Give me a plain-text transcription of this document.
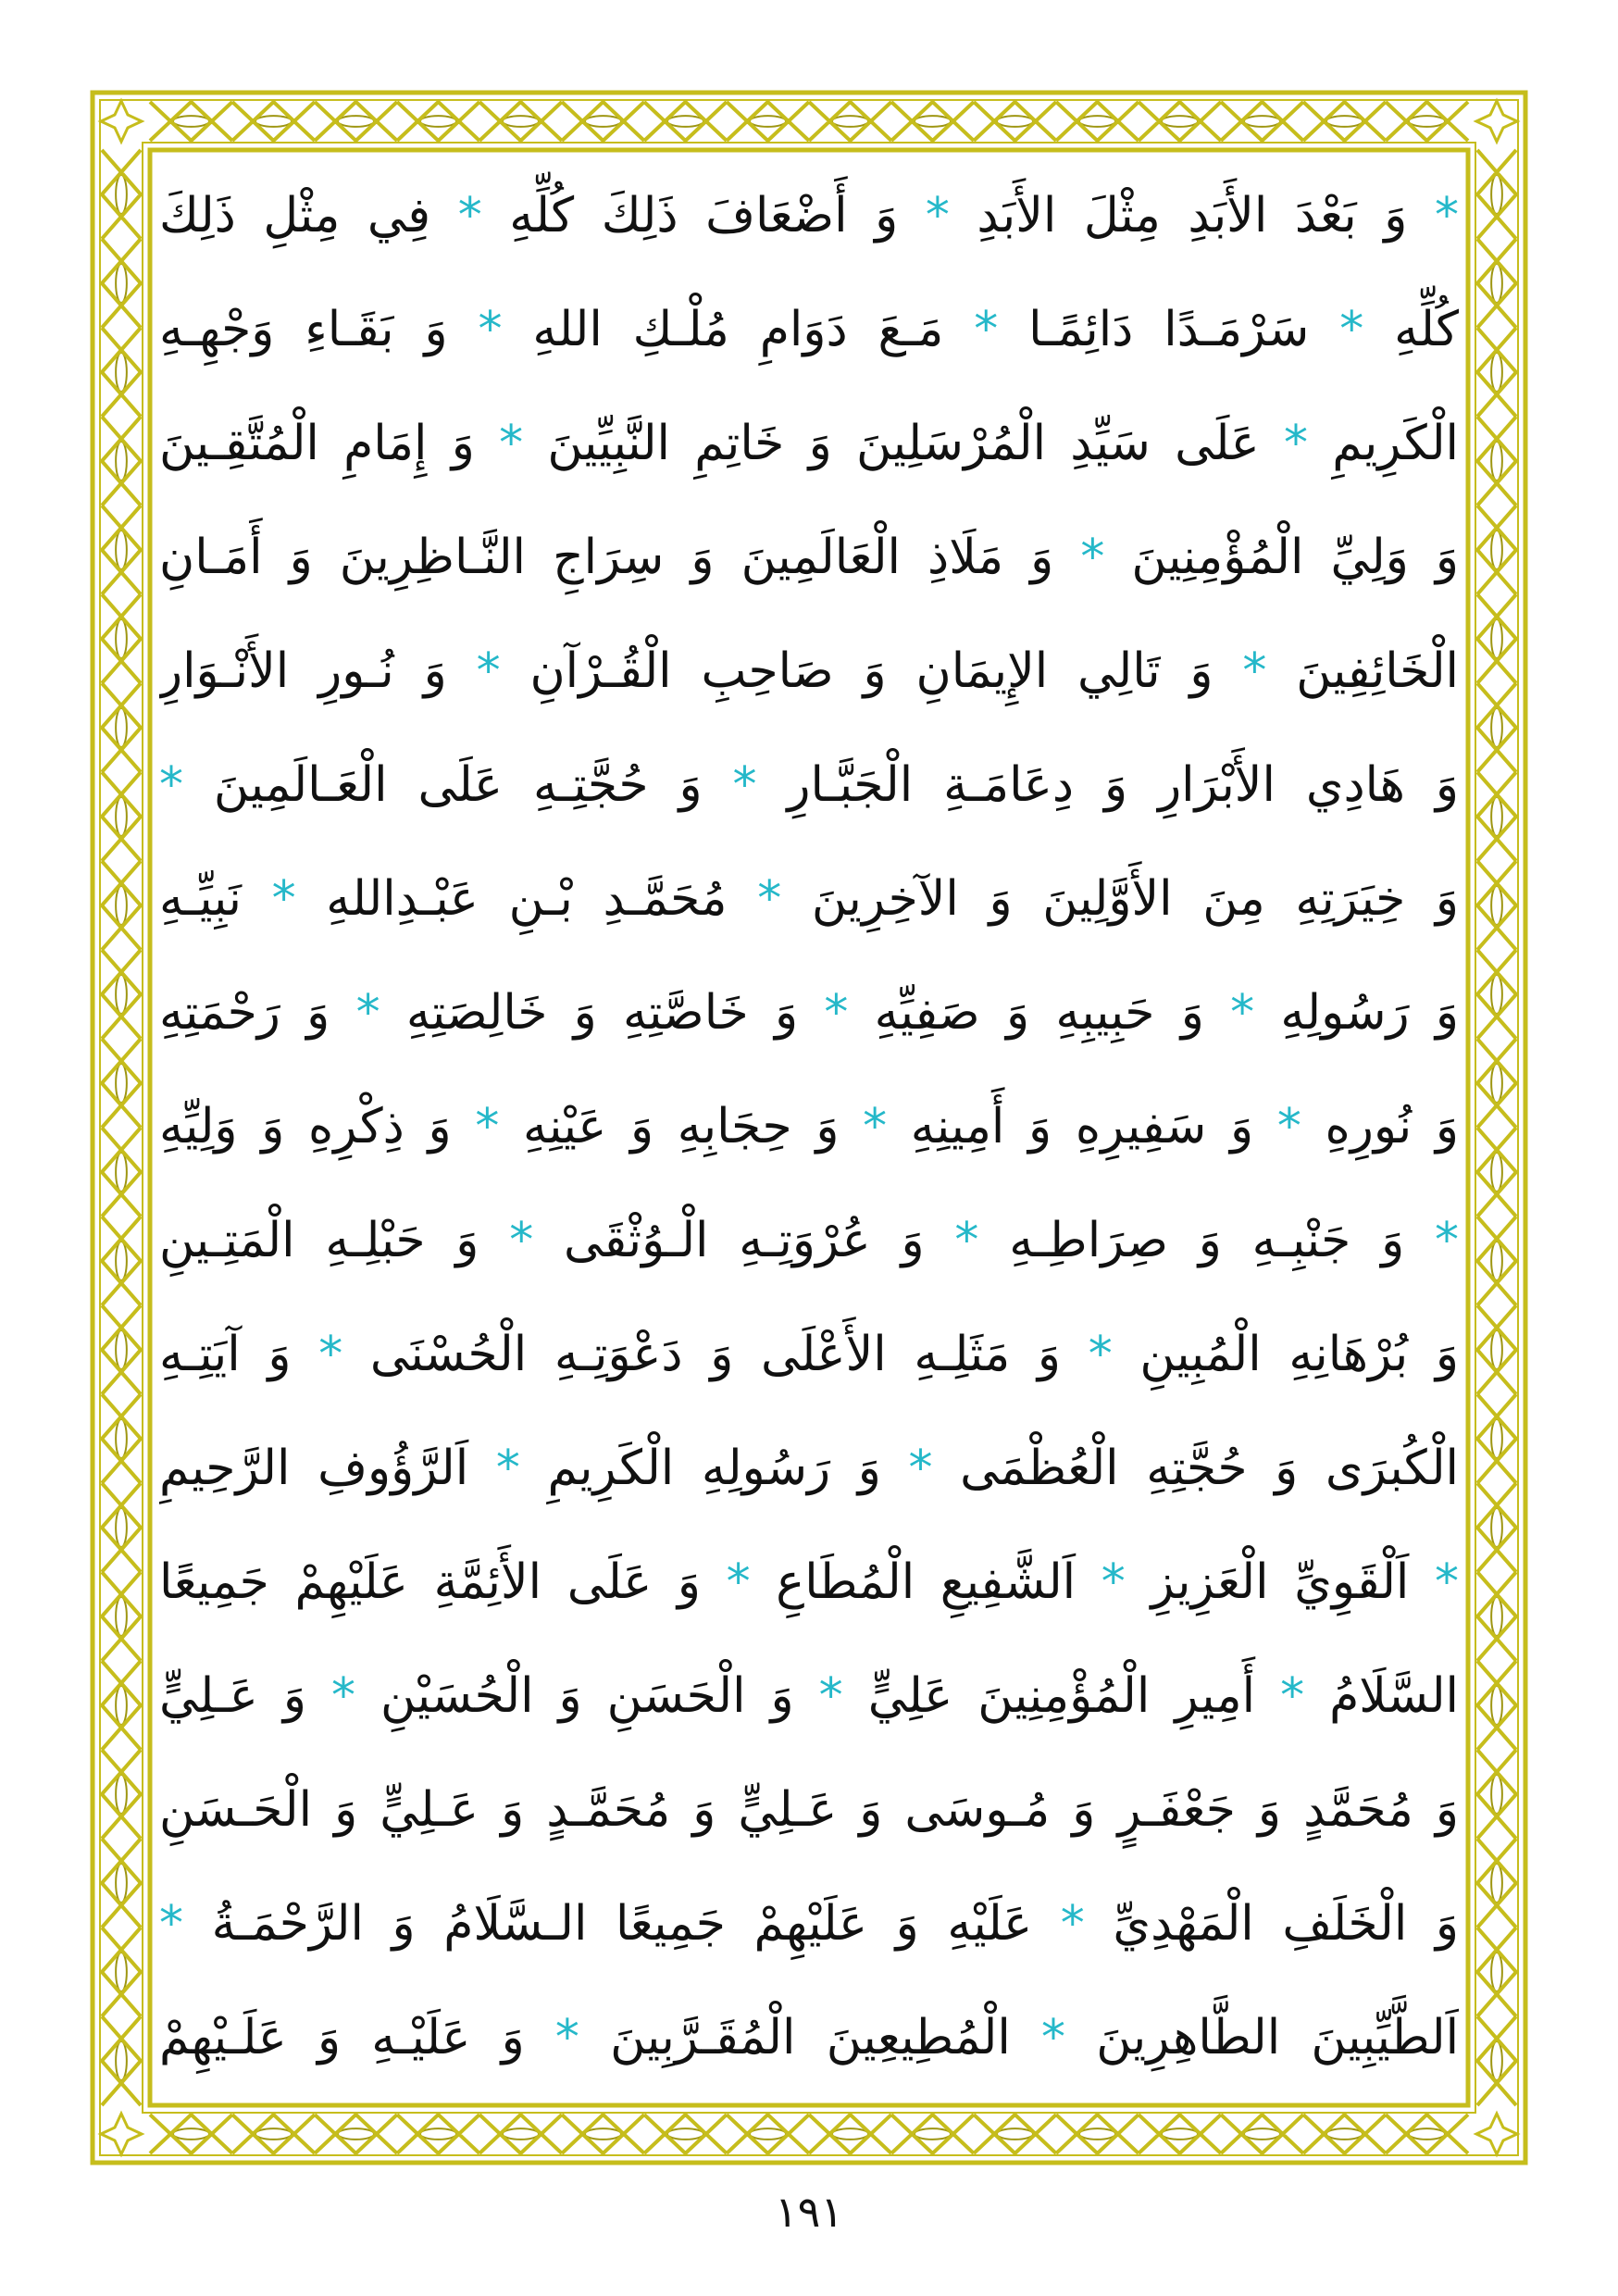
* وَ بَعْدَ الأَبَدِ مِثْلَ الأَبَدِ * وَ أَضْعَافَ ذَلِكَ كُلِّهِ * فِي مِثْلِ ذَلِكَ
كُلِّهِ * سَرْمَـدًا دَائِمًـا * مَـعَ دَوَامِ مُلْـكِ اللهِ * وَ بَقَـاءِ وَجْهِـهِ
الْكَرِيمِ * عَلَى سَيِّدِ الْمُرْسَلِينَ وَ خَاتِمِ النَّبِيِّينَ * وَ إِمَامِ الْمُتَّقِـينَ
وَ وَلِيِّ الْمُؤْمِنِينَ * وَ مَلَاذِ الْعَالَمِينَ وَ سِرَاجِ النَّـاظِرِينَ وَ أَمَـانِ
الْخَائِفِينَ * وَ تَالِي الإِيمَانِ وَ صَاحِبِ الْقُـرْآنِ * وَ نُـورِ الأَنْـوَارِ
وَ هَادِي الأَبْرَارِ وَ دِعَامَـةِ الْجَبَّـارِ * وَ حُجَّتِـهِ عَلَى الْعَـالَمِينَ *
وَ خِيَرَتِهِ مِنَ الأَوَّلِينَ وَ الآخِرِينَ * مُحَمَّـدِ بْـنِ عَبْـدِاللهِ * نَبِيِّـهِ
وَ رَسُولِهِ * وَ حَبِيبِهِ وَ صَفِيِّهِ * وَ خَاصَّتِهِ وَ خَالِصَتِهِ * وَ رَحْمَتِهِ
وَ نُورِهِ * وَ سَفِيرِهِ وَ أَمِينِهِ * وَ حِجَابِهِ وَ عَيْنِهِ * وَ ذِكْرِهِ وَ وَلِيِّهِ
* وَ جَنْبِـهِ وَ صِرَاطِـهِ * وَ عُرْوَتِـهِ الْـوُثْقَى * وَ حَبْلِـهِ الْمَتِـينِ
وَ بُرْهَانِهِ الْمُبِينِ * وَ مَثَلِـهِ الأَعْلَى وَ دَعْوَتِـهِ الْحُسْنَى * وَ آيَتِـهِ
الْكُبرَى وَ حُجَّتِهِ الْعُظْمَى * وَ رَسُولِهِ الْكَرِيمِ * اَلرَّؤُوفِ الرَّحِيمِ
* اَلْقَوِيِّ الْعَزِيزِ * اَلشَّفِيعِ الْمُطَاعِ * وَ عَلَى الأَئِمَّةِ عَلَيْهِمْ جَمِيعًا
السَّلَامُ * أَمِيرِ الْمُؤْمِنِينَ عَلِيٍّ * وَ الْحَسَنِ وَ الْحُسَيْنِ * وَ عَـلِيٍّ
وَ مُحَمَّدٍ وَ جَعْفَـرٍ وَ مُـوسَى وَ عَـلِيٍّ وَ مُحَمَّـدٍ وَ عَـلِيٍّ وَ الْحَـسَنِ
وَ الْخَلَفِ الْمَهْدِيِّ * عَلَيْهِ وَ عَلَيْهِمْ جَمِيعًا الـسَّلَامُ وَ الرَّحْمَـةُ *
اَلطَّيِّبِينَ الطَّاهِرِينَ * الْمُطِيعِينَ الْمُقَـرَّبِينَ * وَ عَلَيْـهِ وَ عَلَـيْهِمْ
١٩١
